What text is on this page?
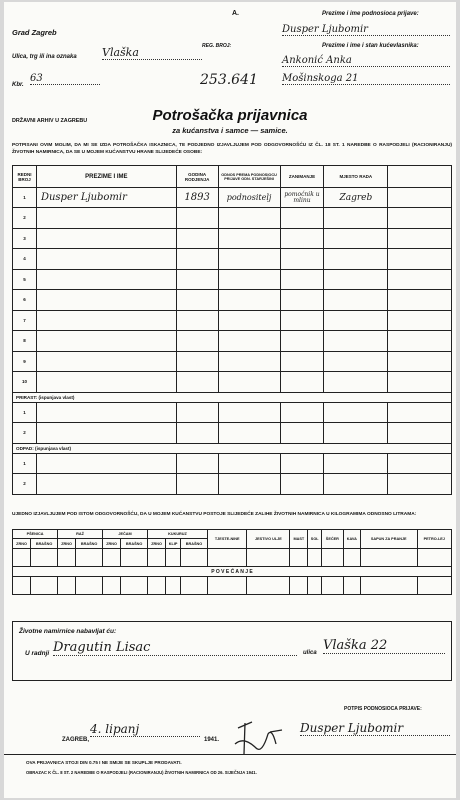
Grad Zagreb
A.	Prezime i ime podnosioca prijave:
Dusper Ljubomir
Prezime i ime i stan kućevlasnika:
Ankonić Anka
Mošinskoga 21
Ulica, trg ili ina oznaka Vlaška	REG. BROJ:
Kbr.
63	253.641
DRŽAVNI ARHIV U ZAGREBU	Potrošačka prijavnica
za kućanstva i samce — samice.
POTPISANI OVIM MOLIM, DA MI SE IZDA POTROŠAČKA ISKAZNICA, TE PODJEDNO IZJAVLJUJEM POD ODGOVORNOŠĆU IZ ČL. 18 ST. 1 NAREDBE O RASPODJELI (RACIONIRANJU) ŽIVOTNIH NAMIRNICA, DA SE U MOJEM KUĆANSTVU HRANE SLIJEDEĆE OSOBE:
REDNI BROJ	PREZIME I IME	GODINA RODJENJA	ODNOS PREMA PODNOSIOCU PRIJAVE ODN. STARJEŠINI	ZANIMANJE	MJESTO RADA	
1	Dusper Ljubomir	1893	podnositelj	pomoćnik u mlinu	Zagreb	
2						
3						
4						
5						
6						
7						
8						
9						
10						
PRIRAST: (ispunjava vlast)						
1						
2						
ODPAD: (ispunjava vlast)						
1						
2						
UJEDNO IZJAVLJUJEM POD ISTOM ODGOVORNOŠĆU, DA U MOJEM KUĆANSTVU POSTOJE SLIJEDEĆE ZALIHE ŽIVOTNIH NAMIRNICA U KILOGRAMIMA ODNOSNO LITRAMA:
PŠENICA		RAŽ		JEČAM		KUKURUZ			TJESTE-NINE	JESTIVO ULJE	MAST	SOL	ŠEĆER	KAVA	SAPUN ZA PRANJE	PETRO-LEJ
ZRNO	BRAŠNO	ZRNO	BRAŠNO	ZRNO	BRAŠNO	ZRNO	KLIP	BRAŠNO								

P O V E Ć A N J E																

Životne namirnice nabavljat ću:
U radnji Dragutin Lisac	ulica Vlaška 22
ZAGREB,
4. lipanj
1941.
POTPIS PODNOSIOCA PRIJAVE:
Dusper Ljubomir
OVA PRIJAVNICA STOJI DIN 0.75 I NE SMIJE SE SKUPLJE PRODAVATI.
OBRAZAC K ČL. 8 ST. 2 NAREDBE O RASPODJELI (RACIONIRANJU) ŽIVOTNIH NAMIRNICA OD 26. SIJEČNJA 1941.
